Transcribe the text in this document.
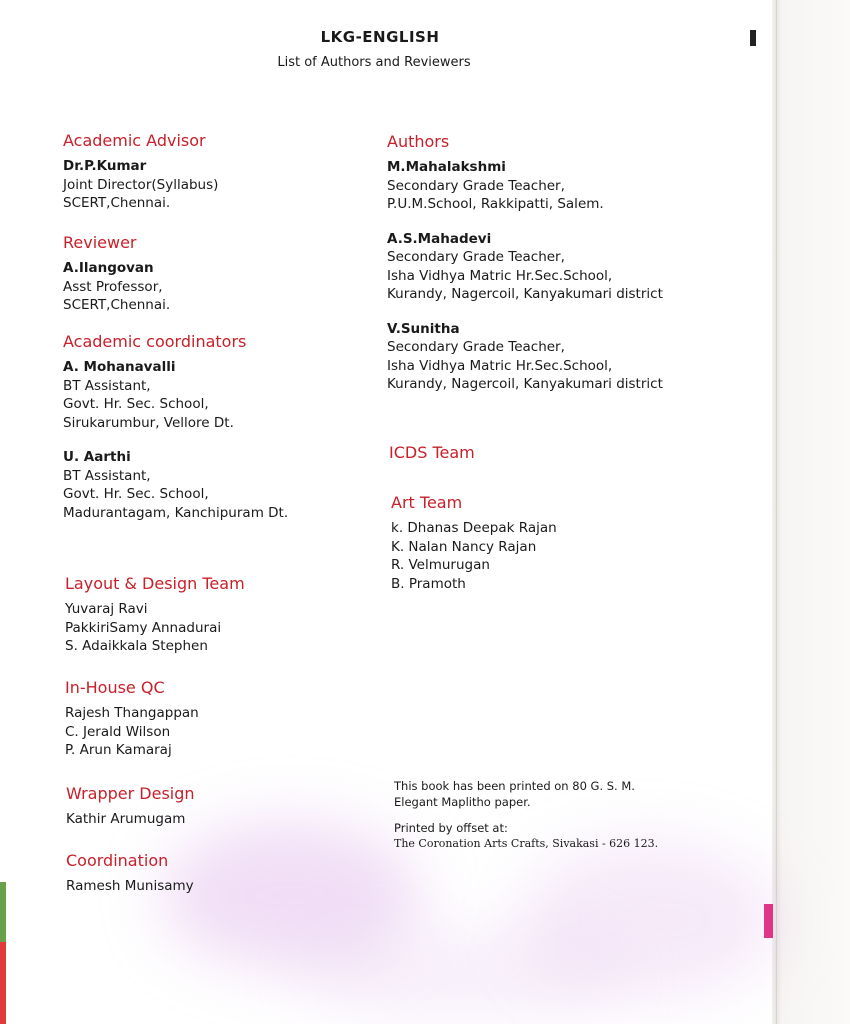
LKG-ENGLISH
List of Authors and Reviewers
Academic Advisor
Dr.P.Kumar
Joint Director(Syllabus)
SCERT,Chennai.
Reviewer
A.Ilangovan
Asst Professor,
SCERT,Chennai.
Academic coordinators
A. Mohanavalli
BT Assistant,
Govt. Hr. Sec. School,
Sirukarumbur, Vellore Dt.
U. Aarthi
BT Assistant,
Govt. Hr. Sec. School,
Madurantagam, Kanchipuram Dt.
Layout & Design Team
Yuvaraj Ravi
PakkiriSamy Annadurai
S. Adaikkala Stephen
In-House QC
Rajesh Thangappan
C. Jerald Wilson
P. Arun Kamaraj
Wrapper Design
Kathir Arumugam
Coordination
Ramesh Munisamy
Authors
M.Mahalakshmi
Secondary Grade Teacher,
P.U.M.School, Rakkipatti, Salem.
A.S.Mahadevi
Secondary Grade Teacher,
Isha Vidhya Matric Hr.Sec.School,
Kurandy, Nagercoil, Kanyakumari district
V.Sunitha
Secondary Grade Teacher,
Isha Vidhya Matric Hr.Sec.School,
Kurandy, Nagercoil, Kanyakumari district
ICDS Team
Art Team
k. Dhanas Deepak Rajan
K. Nalan Nancy Rajan
R. Velmurugan
B. Pramoth
This book has been printed on 80 G. S. M.
Elegant Maplitho paper.
Printed by offset at:
The Coronation Arts Crafts, Sivakasi - 626 123.
